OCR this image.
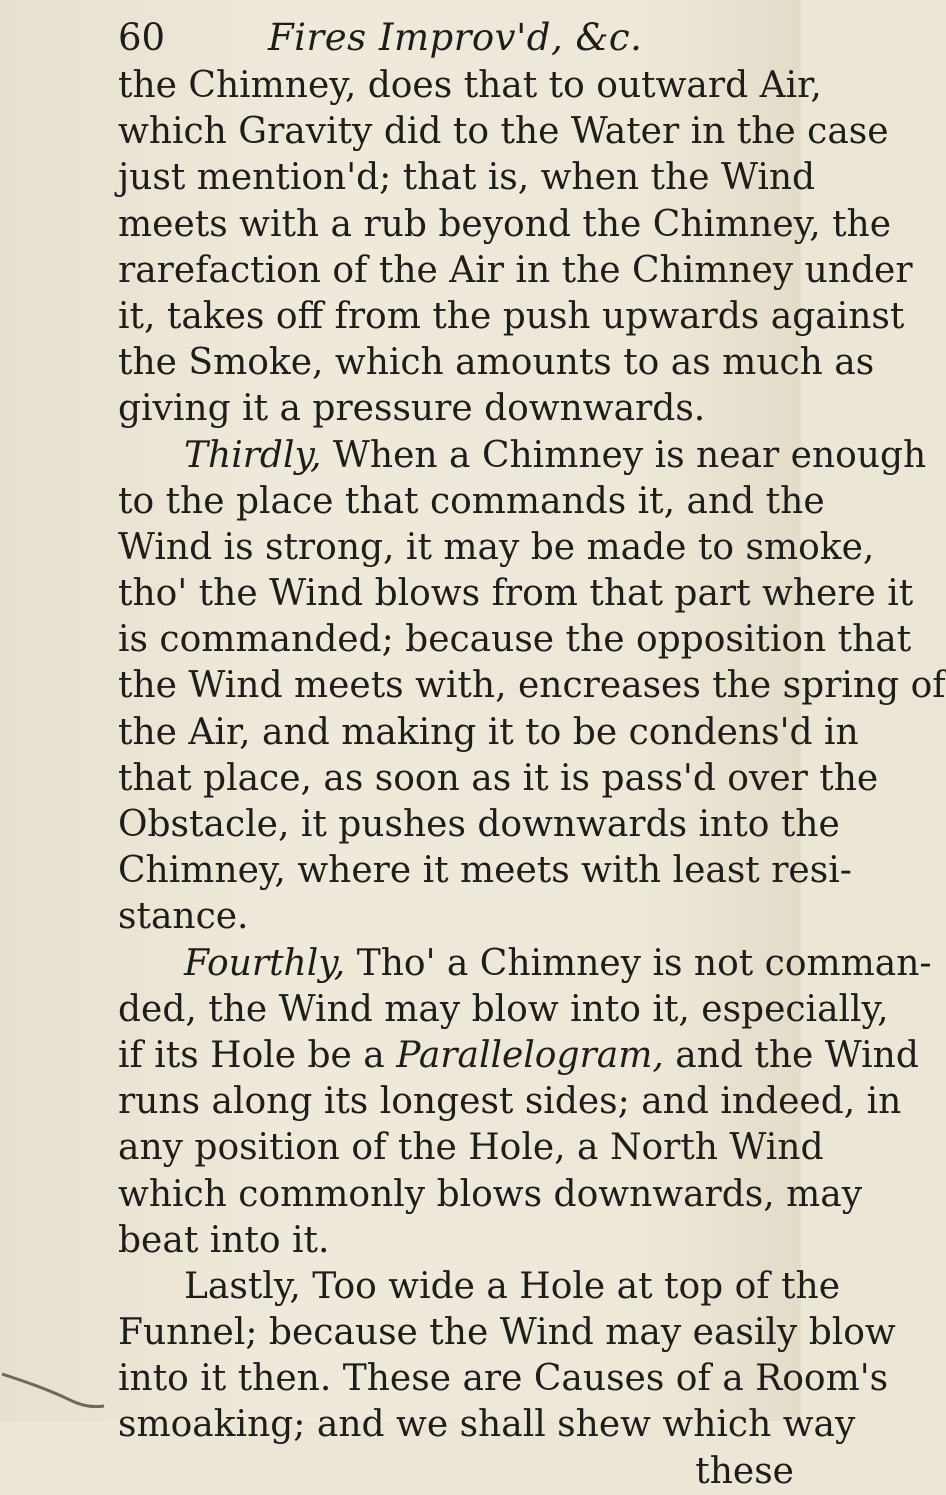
60	Fires Improv'd, &c.
the Chimney, does that to outward Air,
which Gravity did to the Water in the case
just mention'd; that is, when the Wind
meets with a rub beyond the Chimney, the
rarefaction of the Air in the Chimney under
it, takes off from the push upwards against
the Smoke, which amounts to as much as
giving it a pressure downwards.
Thirdly, When a Chimney is near enough
to the place that commands it, and the
Wind is strong, it may be made to smoke,
tho' the Wind blows from that part where it
is commanded; because the opposition that
the Wind meets with, encreases the spring of
the Air, and making it to be condens'd in
that place, as soon as it is pass'd over the
Obstacle, it pushes downwards into the
Chimney, where it meets with least resi-
stance.
Fourthly, Tho' a Chimney is not comman-
ded, the Wind may blow into it, especially,
if its Hole be a Parallelogram, and the Wind
runs along its longest sides; and indeed, in
any position of the Hole, a North Wind
which commonly blows downwards, may
beat into it.
Lastly, Too wide a Hole at top of the
Funnel; because the Wind may easily blow
into it then. These are Causes of a Room's
smoaking; and we shall shew which way
these
